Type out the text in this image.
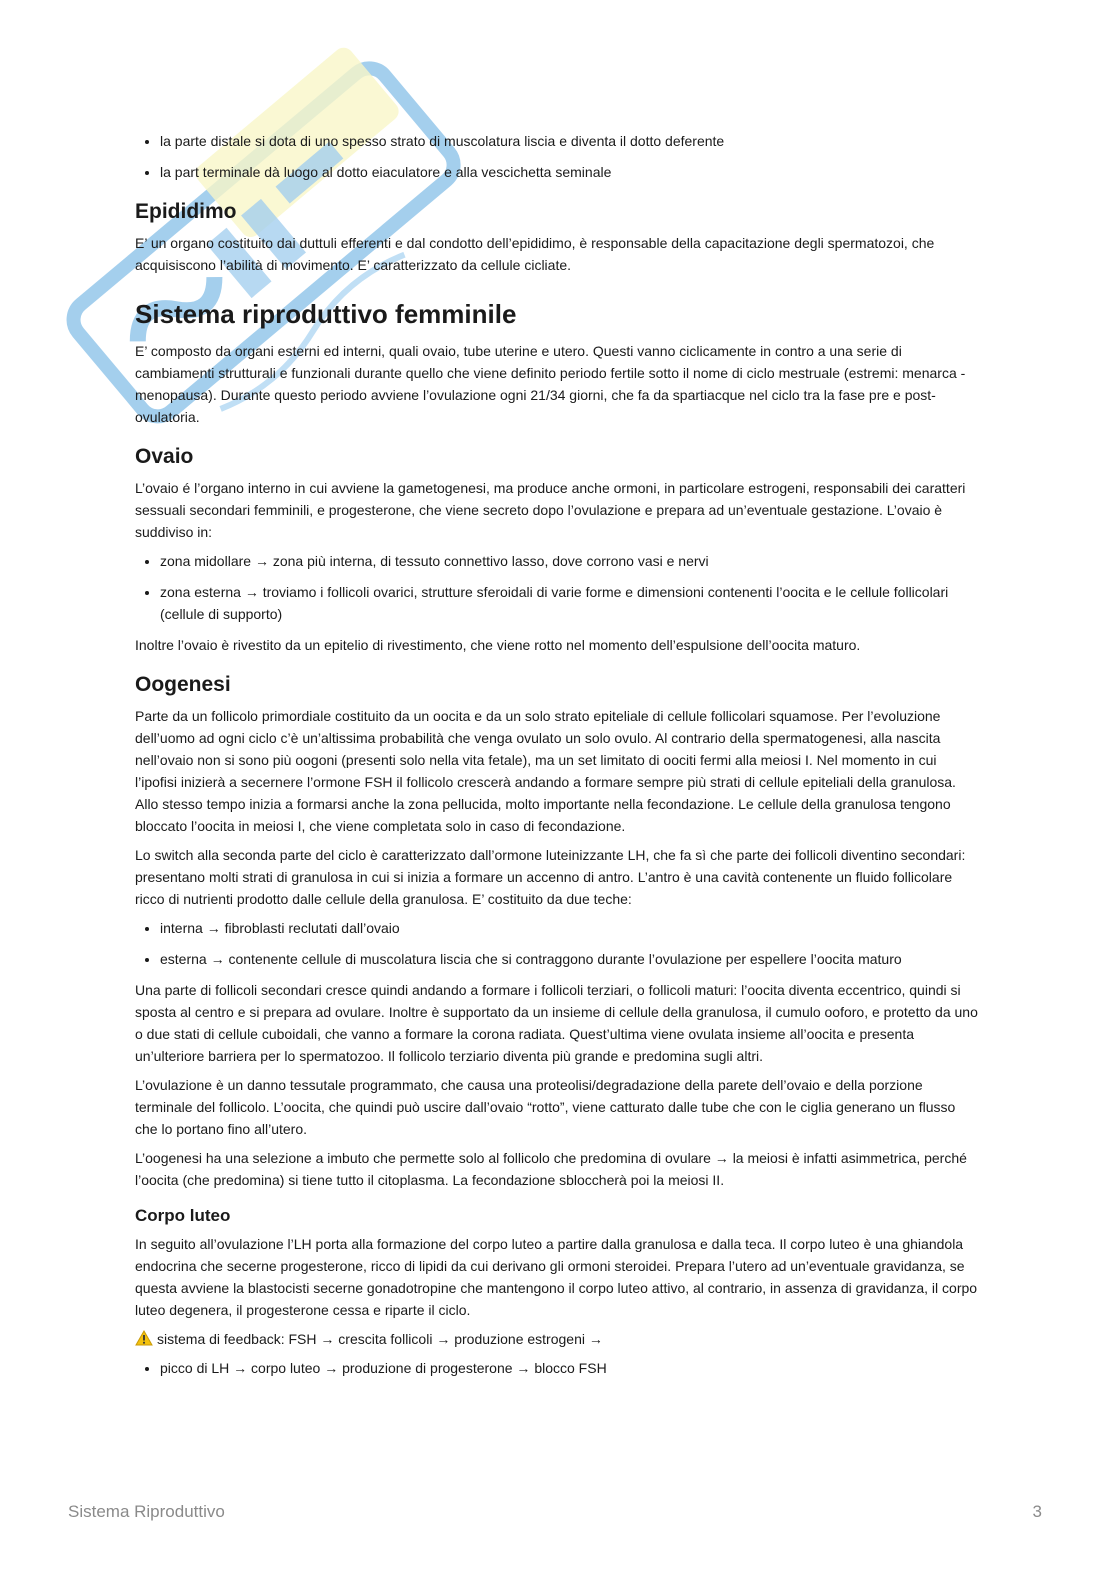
• la parte distale si dota di uno spesso strato di muscolatura liscia e diventa il dotto deferente
• la part terminale dà luogo al dotto eiaculatore e alla vescichetta seminale
Epididimo

E’ un organo costituito dai duttuli efferenti e dal condotto dell’epididimo, è responsable della capacitazione degli spermatozoi, che acquisiscono l’abilità di movimento. E’ caratterizzato da cellule cicliate.

Sistema riproduttivo femminile

E’ composto da organi esterni ed interni, quali ovaio, tube uterine e utero. Questi vanno ciclicamente in contro a una serie di cambiamenti strutturali e funzionali durante quello che viene definito periodo fertile sotto il nome di ciclo mestruale (estremi: menarca - menopausa). Durante questo periodo avviene l’ovulazione ogni 21/34 giorni, che fa da spartiacque nel ciclo tra la fase pre e post-ovulatoria.

Ovaio

L’ovaio é l’organo interno in cui avviene la gametogenesi, ma produce anche ormoni, in particolare estrogeni, responsabili dei caratteri sessuali secondari femminili, e progesterone, che viene secreto dopo l’ovulazione e prepara ad un’eventuale gestazione. L’ovaio è suddiviso in:

• zona midollare → zona più interna, di tessuto connettivo lasso, dove corrono vasi e nervi
• zona esterna → troviamo i follicoli ovarici, strutture sferoidali di varie forme e dimensioni contenenti l’oocita e le cellule follicolari (cellule di supporto)

Inoltre l’ovaio è rivestito da un epitelio di rivestimento, che viene rotto nel momento dell’espulsione dell’oocita maturo.

Oogenesi

Parte da un follicolo primordiale costituito da un oocita e da un solo strato epiteliale di cellule follicolari squamose. Per l’evoluzione dell’uomo ad ogni ciclo c’è un’altissima probabilità che venga ovulato un solo ovulo. Al contrario della spermatogenesi, alla nascita nell’ovaio non si sono più oogoni (presenti solo nella vita fetale), ma un set limitato di oociti fermi alla meiosi I. Nel momento in cui l’ipofisi inizierà a secernere l’ormone FSH il follicolo crescerà andando a formare sempre più strati di cellule epiteliali della granulosa. Allo stesso tempo inizia a formarsi anche la zona pellucida, molto importante nella fecondazione. Le cellule della granulosa tengono bloccato l’oocita in meiosi I, che viene completata solo in caso di fecondazione.

Lo switch alla seconda parte del ciclo è caratterizzato dall’ormone luteinizzante LH, che fa sì che parte dei follicoli diventino secondari: presentano molti strati di granulosa in cui si inizia a formare un accenno di antro. L’antro è una cavità contenente un fluido follicolare ricco di nutrienti prodotto dalle cellule della granulosa. E’ costituito da due teche:

• interna → fibroblasti reclutati dall’ovaio
• esterna → contenente cellule di muscolatura liscia che si contraggono durante l’ovulazione per espellere l’oocita maturo

Una parte di follicoli secondari cresce quindi andando a formare i follicoli terziari, o follicoli maturi: l’oocita diventa eccentrico, quindi si sposta al centro e si prepara ad ovulare. Inoltre è supportato da un insieme di cellule della granulosa, il cumulo ooforo, e protetto da uno o due stati di cellule cuboidali, che vanno a formare la corona radiata. Quest’ultima viene ovulata insieme all’oocita e presenta un’ulteriore barriera per lo spermatozoo. Il follicolo terziario diventa più grande e predomina sugli altri.

L’ovulazione è un danno tessutale programmato, che causa una proteolisi/degradazione della parete dell’ovaio e della porzione terminale del follicolo. L’oocita, che quindi può uscire dall’ovaio “rotto”, viene catturato dalle tube che con le ciglia generano un flusso che lo portano fino all’utero.

L’oogenesi ha una selezione a imbuto che permette solo al follicolo che predomina di ovulare → la meiosi è infatti asimmetrica, perché l’oocita (che predomina) si tiene tutto il citoplasma. La fecondazione sbloccherà poi la meiosi II.

Corpo luteo

In seguito all’ovulazione l’LH porta alla formazione del corpo luteo a partire dalla granulosa e dalla teca. Il corpo luteo è una ghiandola endocrina che secerne progesterone, ricco di lipidi da cui derivano gli ormoni steroidei. Prepara l’utero ad un’eventuale gravidanza, se questa avviene la blastocisti secerne gonadotropine che mantengono il corpo luteo attivo, al contrario, in assenza di gravidanza, il corpo luteo degenera, il progesterone cessa e riparte il ciclo.

sistema di feedback: FSH → crescita follicoli → produzione estrogeni →

• picco di LH → corpo luteo → produzione di progesterone → blocco FSH
Sistema Riproduttivo	3
